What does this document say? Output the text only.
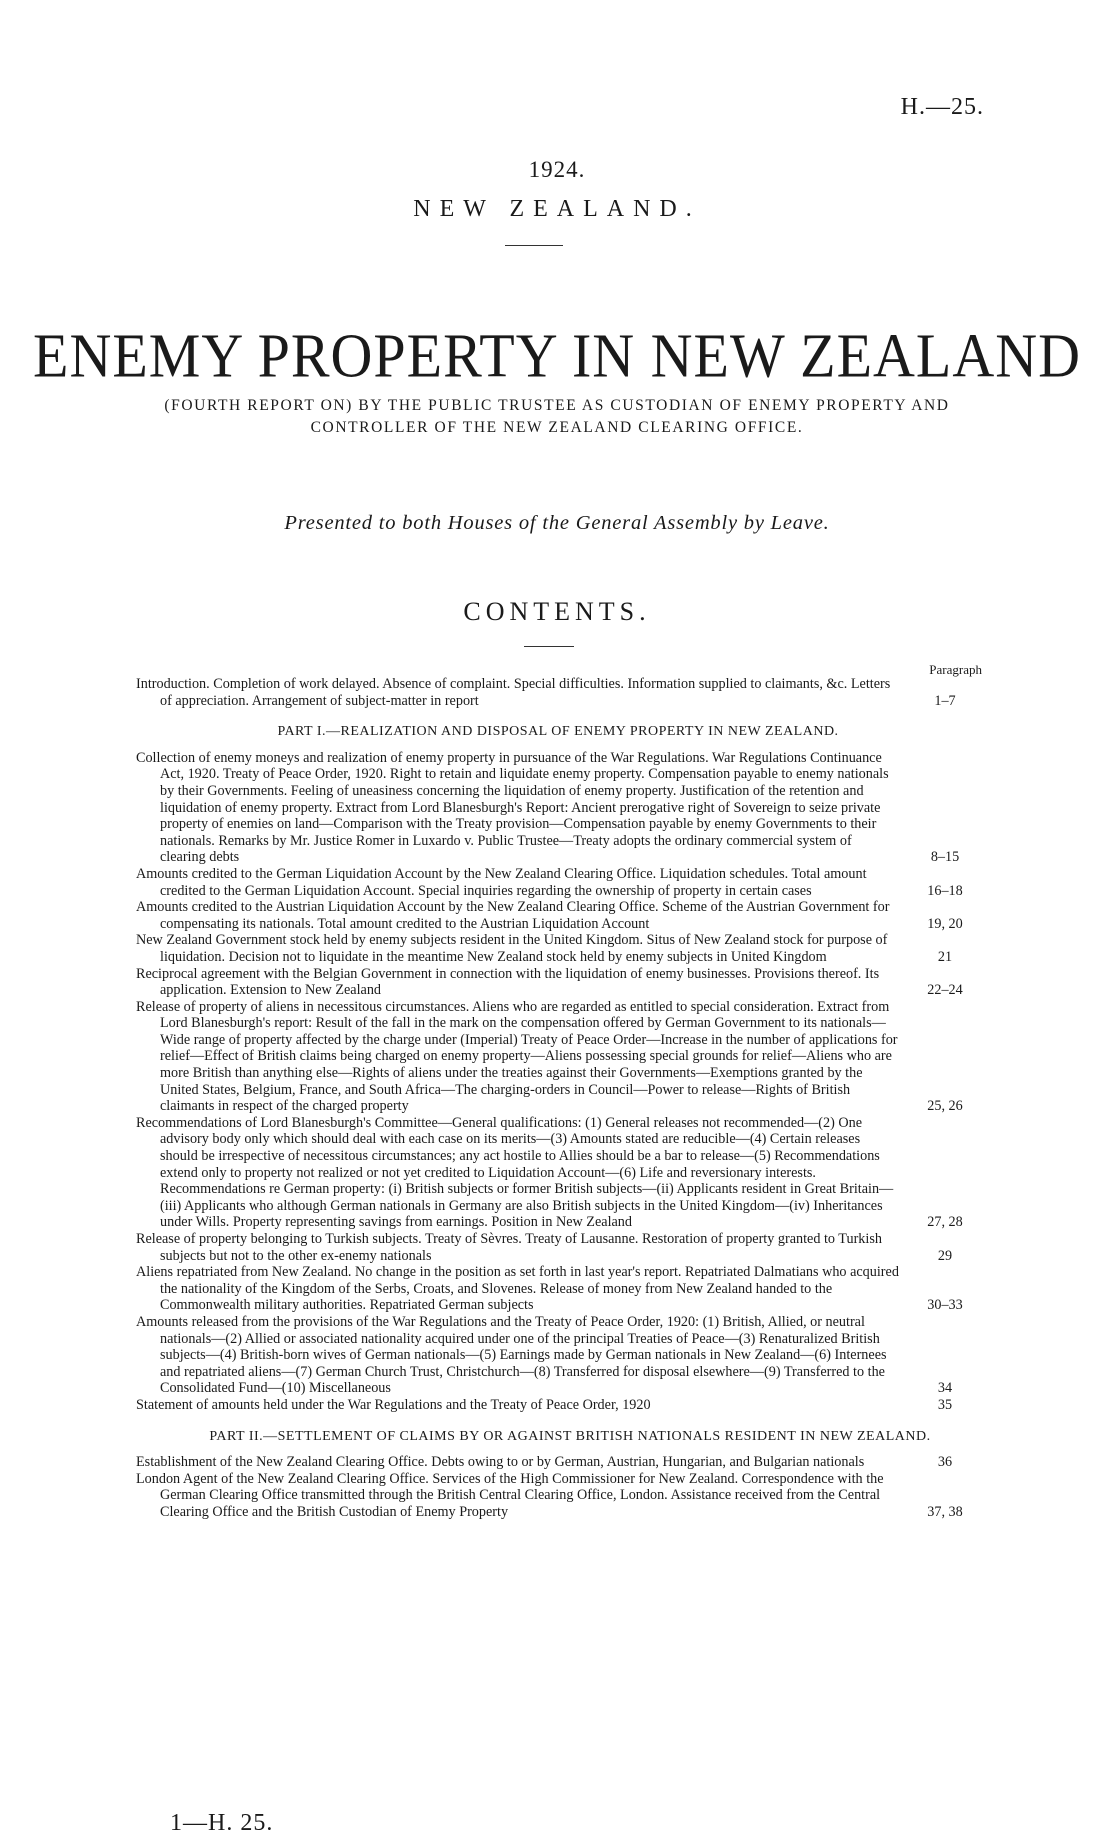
H.—25.
1924.
NEW ZEALAND.
ENEMY PROPERTY IN NEW ZEALAND
(FOURTH REPORT ON) BY THE PUBLIC TRUSTEE AS CUSTODIAN OF ENEMY PROPERTY AND CONTROLLER OF THE NEW ZEALAND CLEARING OFFICE.
Presented to both Houses of the General Assembly by Leave.
CONTENTS.
Paragraph

Introduction. Completion of work delayed. Absence of complaint. Special difficulties. Information supplied to claimants, &c. Letters of appreciation. Arrangement of subject-matter in report	1–7

PART I.—REALIZATION AND DISPOSAL OF ENEMY PROPERTY IN NEW ZEALAND.

Collection of enemy moneys and realization of enemy property in pursuance of the War Regulations. War Regulations Continuance Act, 1920. Treaty of Peace Order, 1920. Right to retain and liquidate enemy property. Compensation payable to enemy nationals by their Governments. Feeling of uneasiness concerning the liquidation of enemy property. Justification of the retention and liquidation of enemy property. Extract from Lord Blanesburgh's Report: Ancient prerogative right of Sovereign to seize private property of enemies on land—Comparison with the Treaty provision—Compensation payable by enemy Governments to their nationals. Remarks by Mr. Justice Romer in Luxardo v. Public Trustee—Treaty adopts the ordinary commercial system of clearing debts	8–15

Amounts credited to the German Liquidation Account by the New Zealand Clearing Office. Liquidation schedules. Total amount credited to the German Liquidation Account. Special inquiries regarding the ownership of property in certain cases	16–18

Amounts credited to the Austrian Liquidation Account by the New Zealand Clearing Office. Scheme of the Austrian Government for compensating its nationals. Total amount credited to the Austrian Liquidation Account	19, 20

New Zealand Government stock held by enemy subjects resident in the United Kingdom. Situs of New Zealand stock for purpose of liquidation. Decision not to liquidate in the meantime New Zealand stock held by enemy subjects in United Kingdom	21

Reciprocal agreement with the Belgian Government in connection with the liquidation of enemy businesses. Provisions thereof. Its application. Extension to New Zealand	22–24

Release of property of aliens in necessitous circumstances. Aliens who are regarded as entitled to special consideration. Extract from Lord Blanesburgh's report: Result of the fall in the mark on the compensation offered by German Government to its nationals—Wide range of property affected by the charge under (Imperial) Treaty of Peace Order—Increase in the number of applications for relief—Effect of British claims being charged on enemy property—Aliens possessing special grounds for relief—Aliens who are more British than anything else—Rights of aliens under the treaties against their Governments—Exemptions granted by the United States, Belgium, France, and South Africa—The charging-orders in Council—Power to release—Rights of British claimants in respect of the charged property	25, 26

Recommendations of Lord Blanesburgh's Committee—General qualifications: (1) General releases not recommended—(2) One advisory body only which should deal with each case on its merits—(3) Amounts stated are reducible—(4) Certain releases should be irrespective of necessitous circumstances; any act hostile to Allies should be a bar to release—(5) Recommendations extend only to property not realized or not yet credited to Liquidation Account—(6) Life and reversionary interests. Recommendations re German property: (i) British subjects or former British subjects—(ii) Applicants resident in Great Britain—(iii) Applicants who although German nationals in Germany are also British subjects in the United Kingdom—(iv) Inheritances under Wills. Property representing savings from earnings. Position in New Zealand	27, 28

Release of property belonging to Turkish subjects. Treaty of Sèvres. Treaty of Lausanne. Restoration of property granted to Turkish subjects but not to the other ex-enemy nationals	29

Aliens repatriated from New Zealand. No change in the position as set forth in last year's report. Repatriated Dalmatians who acquired the nationality of the Kingdom of the Serbs, Croats, and Slovenes. Release of money from New Zealand handed to the Commonwealth military authorities. Repatriated German subjects	30–33

Amounts released from the provisions of the War Regulations and the Treaty of Peace Order, 1920: (1) British, Allied, or neutral nationals—(2) Allied or associated nationality acquired under one of the principal Treaties of Peace—(3) Renaturalized British subjects—(4) British-born wives of German nationals—(5) Earnings made by German nationals in New Zealand—(6) Internees and repatriated aliens—(7) German Church Trust, Christchurch—(8) Transferred for disposal elsewhere—(9) Transferred to the Consolidated Fund—(10) Miscellaneous	34

Statement of amounts held under the War Regulations and the Treaty of Peace Order, 1920	35

PART II.—SETTLEMENT OF CLAIMS BY OR AGAINST BRITISH NATIONALS RESIDENT IN NEW ZEALAND.

Establishment of the New Zealand Clearing Office. Debts owing to or by German, Austrian, Hungarian, and Bulgarian nationals	36

London Agent of the New Zealand Clearing Office. Services of the High Commissioner for New Zealand. Correspondence with the German Clearing Office transmitted through the British Central Clearing Office, London. Assistance received from the Central Clearing Office and the British Custodian of Enemy Property	37, 38

1—H. 25.
